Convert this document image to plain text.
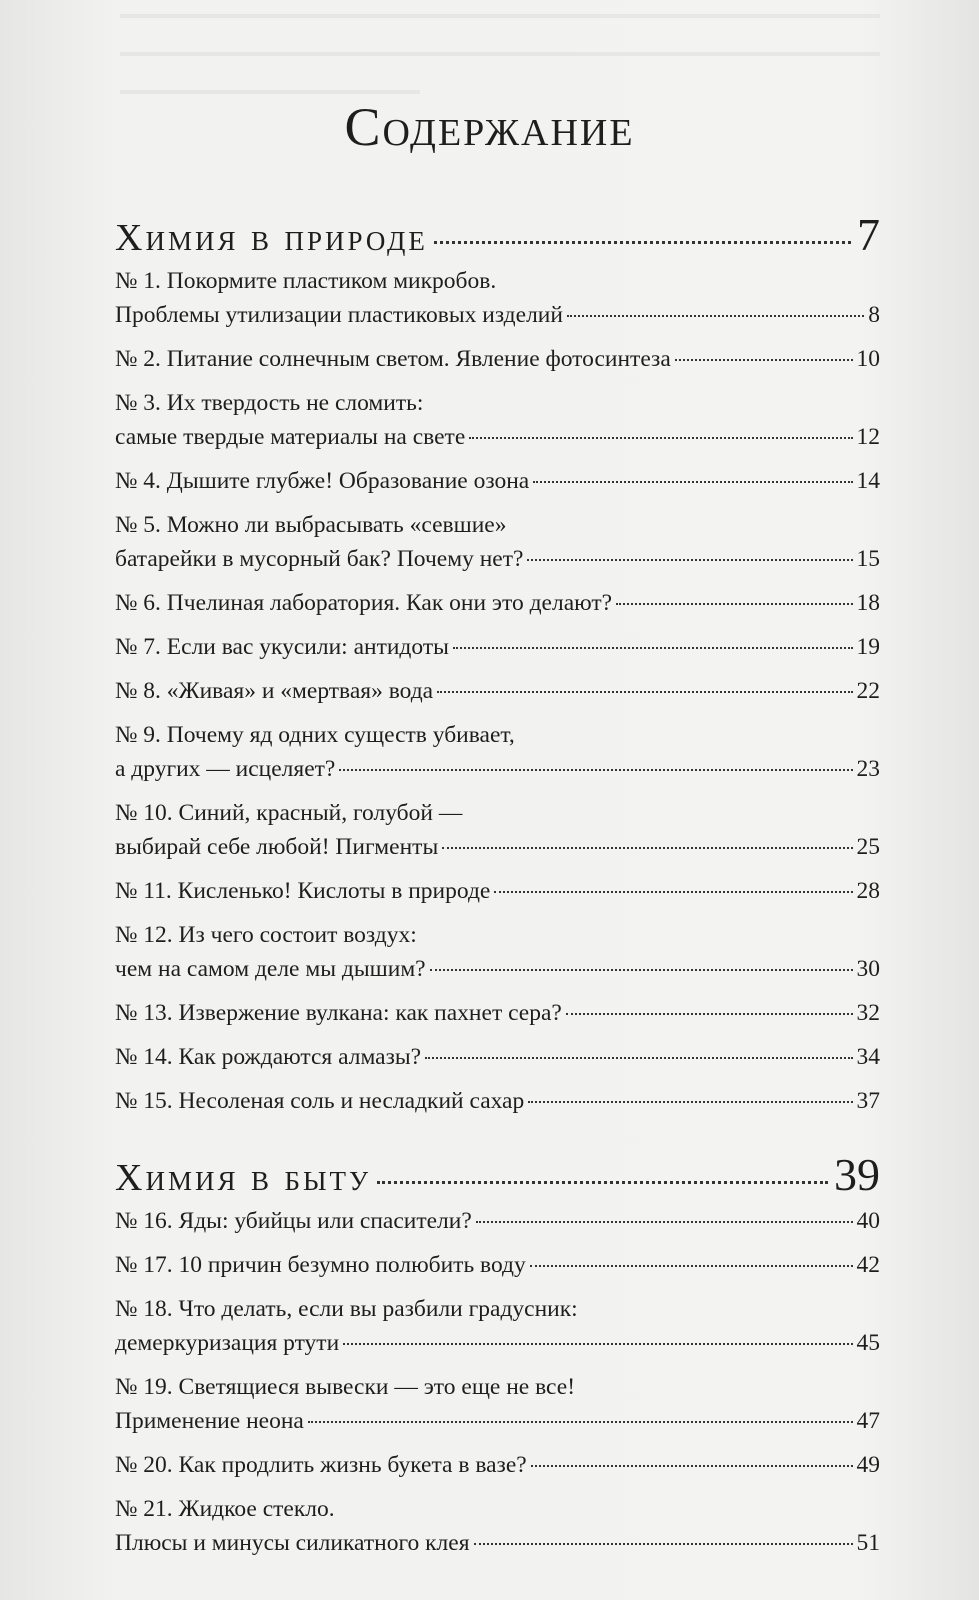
Содержание
Химия в природе	7
№ 1. Покормите пластиком микробов.
Проблемы утилизации пластиковых изделий	8
№ 2. Питание солнечным светом. Явление фотосинтеза	10
№ 3. Их твердость не сломить:
самые твердые материалы на свете	12
№ 4. Дышите глубже! Образование озона	14
№ 5. Можно ли выбрасывать «севшие»
батарейки в мусорный бак? Почему нет?	15
№ 6. Пчелиная лаборатория. Как они это делают?	18
№ 7. Если вас укусили: антидоты	19
№ 8. «Живая» и «мертвая» вода	22
№ 9. Почему яд одних существ убивает,
а других — исцеляет?	23
№ 10. Синий, красный, голубой —
выбирай себе любой! Пигменты	25
№ 11. Кисленько! Кислоты в природе	28
№ 12. Из чего состоит воздух:
чем на самом деле мы дышим?	30
№ 13. Извержение вулкана: как пахнет сера?	32
№ 14. Как рождаются алмазы?	34
№ 15. Несоленая соль и несладкий сахар	37
Химия в быту	39
№ 16. Яды: убийцы или спасители?	40
№ 17. 10 причин безумно полюбить воду	42
№ 18. Что делать, если вы разбили градусник:
демеркуризация ртути	45
№ 19. Светящиеся вывески — это еще не все!
Применение неона	47
№ 20. Как продлить жизнь букета в вазе?	49
№ 21. Жидкое стекло.
Плюсы и минусы силикатного клея	51
